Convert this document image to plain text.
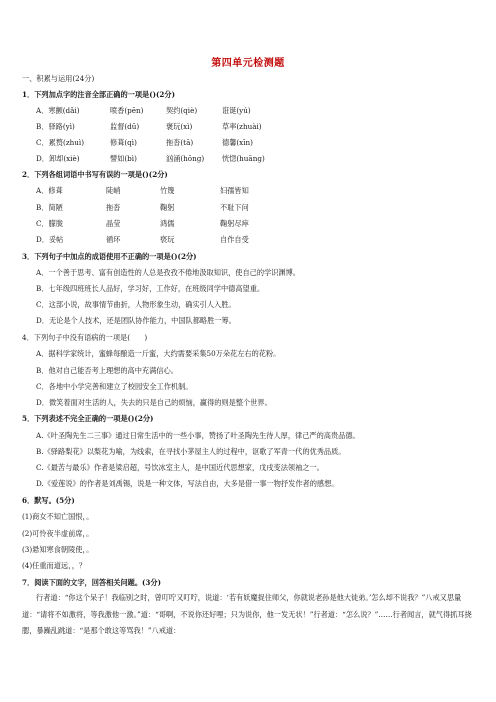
第四单元检测题
一、积累与运用(24分)
1．下列加点字的注音全部正确的一项是()(2分)
A．寒颤(dǎi)	喷香(pēn)	契约(qiè)	诳诞(yú)
B．驿路(yì)	监督(dū)	褒玩(xì)	草率(zhuài)
C．累赘(zhuì)	修葺(qì)	拖沓(tā)	德馨(xīn)
D．卸却(xiè)	譬如(bì)	汹涌(hōnɡ) 恍惚(huānɡ)
2．下列各组词语中书写有误的一项是()(2分)
A．修葺	陡峭	竹篾	妇孺皆知
B．简陋	拖沓	鞠躬	不耻下问
C．朦胧	晶莹	鸿儒	鞠躬尽瘁
D．妥帖	循环	亵玩	自作自受
3．下列句子中加点的成语使用不正确的一项是()(2分)
A．一个善于思考、富有创造性的人总是孜孜不倦地汲取知识，使自己的学识渊博。
B．七年级四班班长人品好，学习好，工作好，在班级同学中德高望重。
C．这部小说，故事情节曲折，人物形象生动，确实引人入胜。
D．无论是个人技术，还是团队协作能力，中国队都略胜一筹。
4．下列句子中没有语病的一项是(　　)
A．据科学家统计，蜜蜂每酿造一斤蜜，大约需要采集50万朵花左右的花粉。
B．他对自己能否考上理想的高中充满信心。
C．各地中小学完善和建立了校园安全工作机制。
D．微笑着面对生活的人，失去的只是自己的烦恼，赢得的则是整个世界。
5．下列表述不完全正确的一项是()(2分)
A.《叶圣陶先生二三事》通过日常生活中的一些小事，赞扬了叶圣陶先生待人厚，律己严的高贵品德。
B.《驿路梨花》以梨花为喻，为线索，在寻找小茅屋主人的过程中，讴歌了军青一代的优秀品质。
C.《最苦与最乐》作者是梁启超，号饮冰室主人，是中国近代思想家，戊戌变法领袖之一。
D.《爱莲说》的作者是刘禹锡，说是一种文体，写法自由，大多是借一事一物抒发作者的感想。
6．默写。(5分)
(1)商女不知亡国恨，。
(2)可怜夜半虚前席，。
(3)悬知寒食朝陵使，。
(4)任重而道远，，？
7．阅读下面的文字，回答相关问题。(3分)
行者道：“你这个呆子！我临别之时，曾叮咛又叮咛，说道：‘若有妖魔捉住师父，你就说老孙是他大徒弟。’怎么却不说我？”八戒又思量道：“请将不如激将，等我激他一激。”道：“哥啊，不说你还好哩；只为说你，他一发无状！”行者道：“怎么说？”……行者闻言，就气得抓耳挠腮，暴躁乱跳道：“是那个敢这等骂我！”八戒道：
